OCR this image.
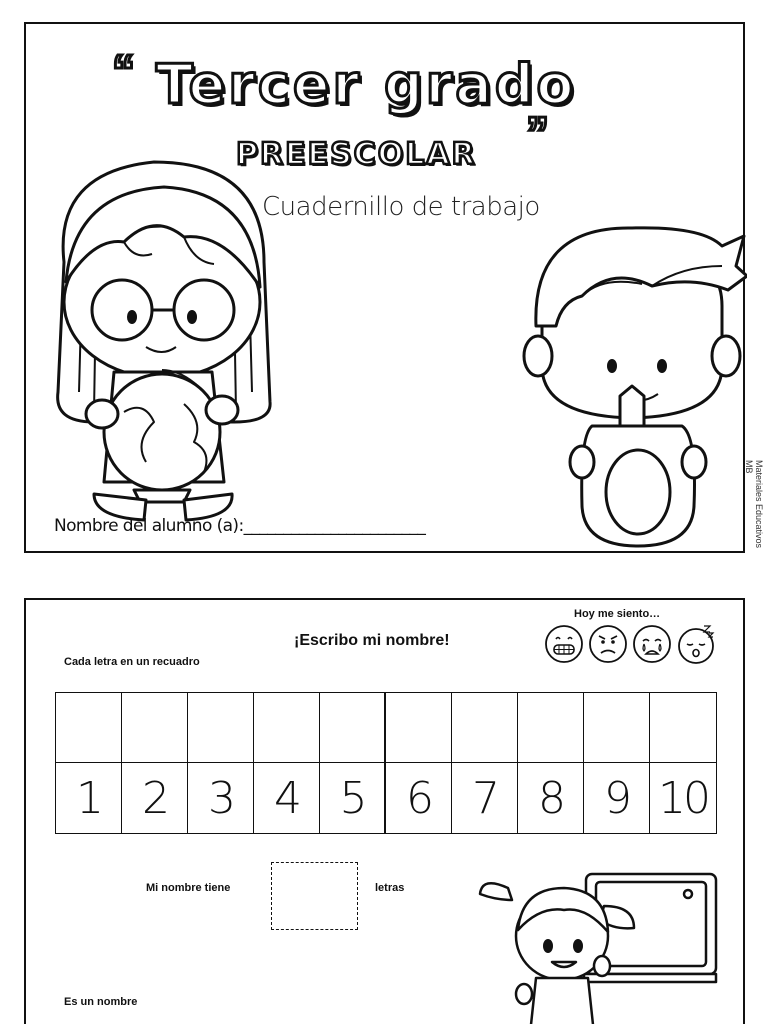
“ Tercer grado
”
PREESCOLAR
Cuadernillo de trabajo
Nombre del alumno (a):_______________________	Materiales Educativos MB
Hoy me siento…
¡Escribo mi nombre!
Cada letra en un recuadro
1 2 3 4 5 6 7 8 9 10
Mi nombre tiene	letras
Es un nombre
